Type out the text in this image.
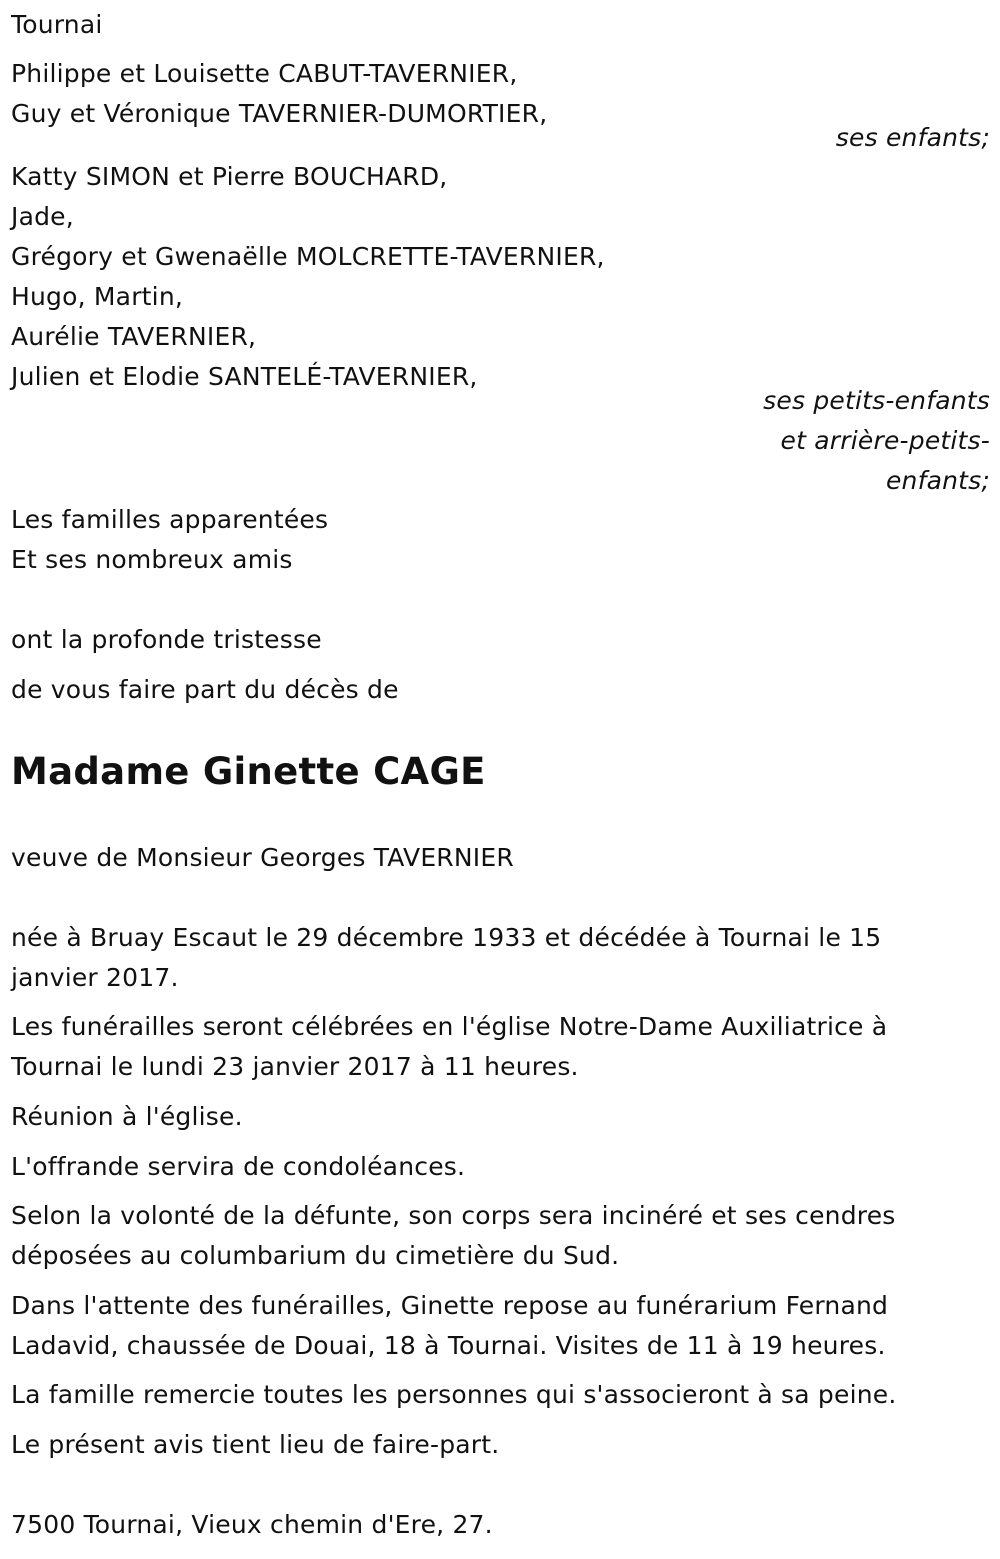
Tournai
Philippe et Louisette CABUT-TAVERNIER,
Guy et Véronique TAVERNIER-DUMORTIER,
ses enfants;
Katty SIMON et Pierre BOUCHARD,
Jade,
Grégory et Gwenaëlle MOLCRETTE-TAVERNIER,
Hugo, Martin,
Aurélie TAVERNIER,
Julien et Elodie SANTELÉ-TAVERNIER,
ses petits-enfants
et arrière-petits-
enfants;
Les familles apparentées
Et ses nombreux amis
ont la profonde tristesse
de vous faire part du décès de
Madame Ginette CAGE
veuve de Monsieur Georges TAVERNIER
née à Bruay Escaut le 29 décembre 1933 et décédée à Tournai le 15
janvier 2017.
Les funérailles seront célébrées en l'église Notre-Dame Auxiliatrice à
Tournai le lundi 23 janvier 2017 à 11 heures.
Réunion à l'église.
L'offrande servira de condoléances.
Selon la volonté de la défunte, son corps sera inciné​ré et ses cendres
déposées au columbarium du cimetière du Sud.
Dans l'attente des funérailles, Ginette repose au funérarium Fernand
Ladavid, chaussée de Douai, 18 à Tournai. Visites de 11 à 19 heures.
La famille remercie toutes les personnes qui s'associeront à sa peine.
Le présent avis tient lieu de faire-part.
7500 Tournai, Vieux chemin d'Ere, 27.
